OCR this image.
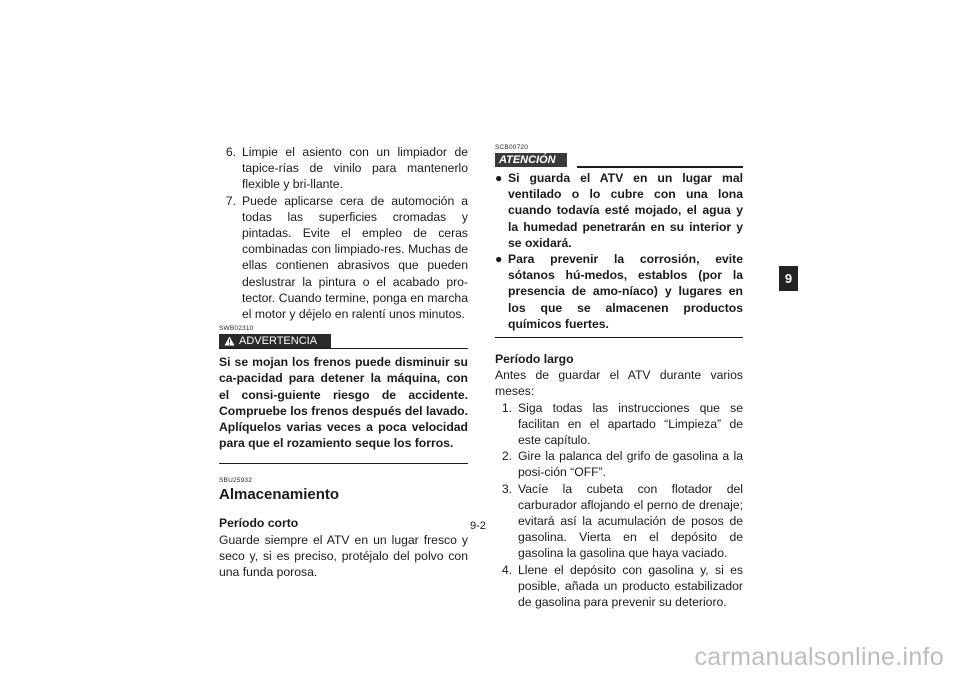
6. Limpie el asiento con un limpiador de tapice-rías de vinilo para mantenerlo flexible y bri-llante.
7. Puede aplicarse cera de automoción a todas las superficies cromadas y pintadas. Evite el empleo de ceras combinadas con limpiado-res. Muchas de ellas contienen abrasivos que pueden deslustrar la pintura o el acabado pro-tector. Cuando termine, ponga en marcha el motor y déjelo en ralentí unos minutos.
SWB02310
ADVERTENCIA
Si se mojan los frenos puede disminuir su ca-pacidad para detener la máquina, con el consi-guiente riesgo de accidente. Compruebe los frenos después del lavado. Aplíquelos varias veces a poca velocidad para que el rozamiento seque los forros.
SBU25932
Almacenamiento
Período corto
Guarde siempre el ATV en un lugar fresco y seco y, si es preciso, protéjalo del polvo con una funda porosa.
SCB00720
ATENCIÓN
● Si guarda el ATV en un lugar mal ventilado o lo cubre con una lona cuando todavía esté mojado, el agua y la humedad penetrarán en su interior y se oxidará.
● Para prevenir la corrosión, evite sótanos hú-medos, establos (por la presencia de amo-níaco) y lugares en los que se almacenen productos químicos fuertes.
Período largo
Antes de guardar el ATV durante varios meses:
1. Siga todas las instrucciones que se facilitan en el apartado “Limpieza” de este capítulo.
2. Gire la palanca del grifo de gasolina a la posi-ción “OFF”.
3. Vacíe la cubeta con flotador del carburador aflojando el perno de drenaje; evitará así la acumulación de posos de gasolina. Vierta en el depósito de gasolina la gasolina que haya vaciado.
4. Llene el depósito con gasolina y, si es posible, añada un producto estabilizador de gasolina para prevenir su deterioro.
9-2
9
carmanualsonline.info
